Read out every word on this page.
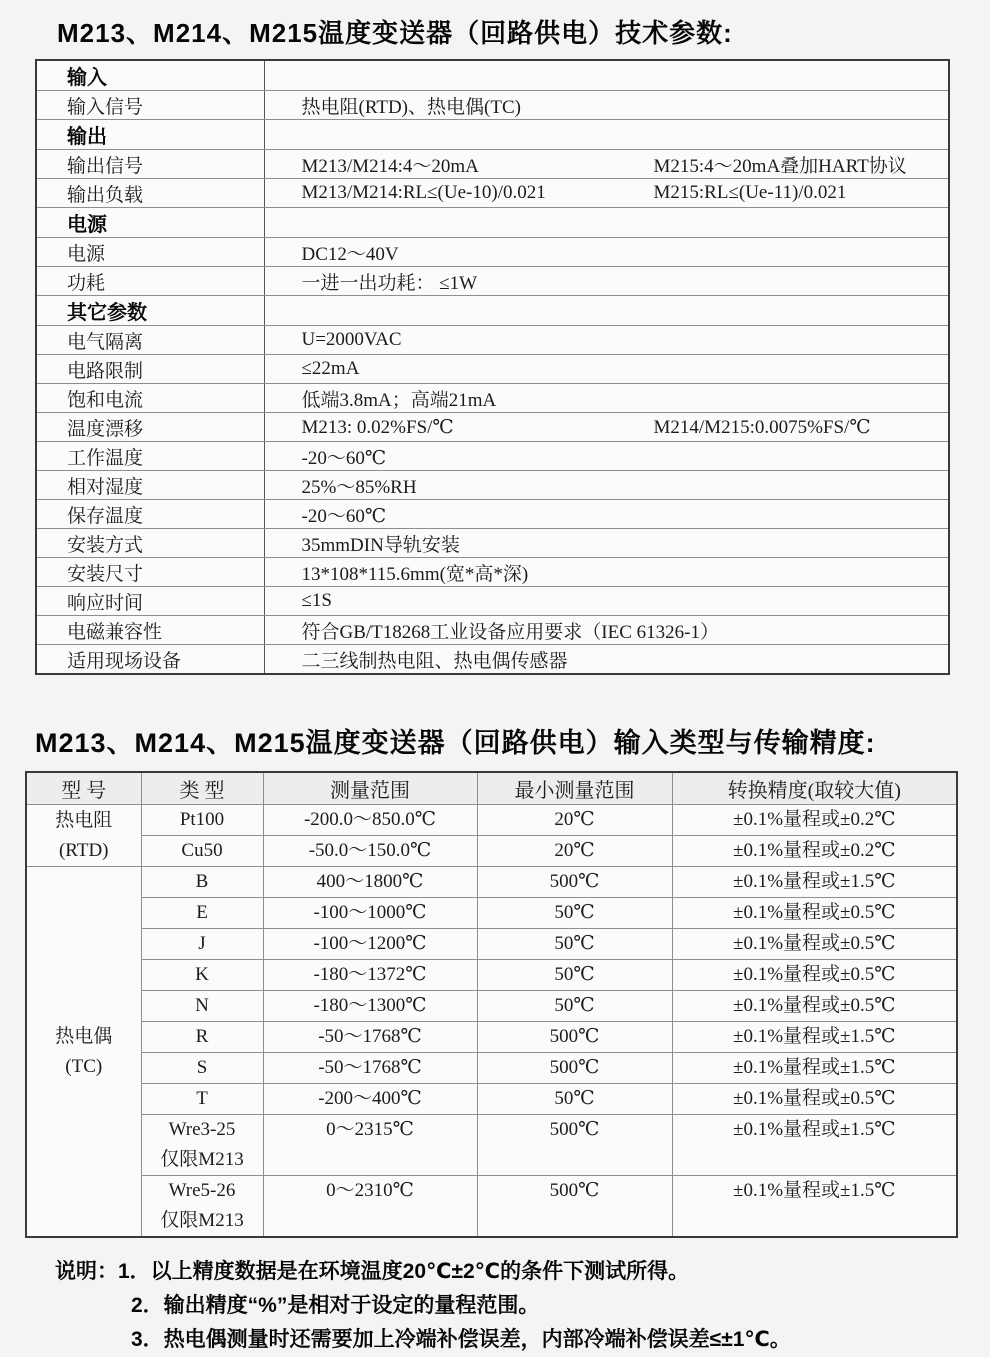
M213、M214、M215温度变送器（回路供电）技术参数:
输入	
输入信号	热电阻(RTD)、热电偶(TC)
输出	
输出信号	M213/M214:4～20mA M215:4～20mA叠加HART协议
输出负载	M213/M214:RL≤(Ue-10)/0.021 M215:RL≤(Ue-11)/0.021
电源	
电源	DC12～40V
功耗	一进一出功耗： ≤1W
其它参数	
电气隔离	U=2000VAC
电路限制	≤22mA
饱和电流	低端3.8mA；高端21mA
温度漂移	M213: 0.02%FS/℃ M214/M215:0.0075%FS/℃
工作温度	-20～60℃
相对湿度	25%～85%RH
保存温度	-20～60℃
安装方式	35mmDIN导轨安装
安装尺寸	13*108*115.6mm(宽*高*深)
响应时间	≤1S
电磁兼容性	符合GB/T18268工业设备应用要求（IEC 61326-1）
适用现场设备	二三线制热电阻、热电偶传感器
M213、M214、M215温度变送器（回路供电）输入类型与传输精度:
型 号	类 型	测量范围	最小测量范围	转换精度(取较大值)

热电阻
(RTD)	Pt100	-200.0～850.0℃	20℃	±0.1%量程或±0.2℃
	Cu50	-50.0～150.0℃	20℃	±0.1%量程或±0.2℃

热电偶
(TC)	B	400～1800℃	500℃	±0.1%量程或±1.5℃
	E	-100～1000℃	50℃	±0.1%量程或±0.5℃
	J	-100～1200℃	50℃	±0.1%量程或±0.5℃
	K	-180～1372℃	50℃	±0.1%量程或±0.5℃
	N	-180～1300℃	50℃	±0.1%量程或±0.5℃
	R	-50～1768℃	500℃	±0.1%量程或±1.5℃
	S	-50～1768℃	500℃	±0.1%量程或±1.5℃
	T	-200～400℃	50℃	±0.1%量程或±0.5℃

	Wre3-25
仅限M213	0～2315℃	500℃	±0.1%量程或±1.5℃

	Wre5-26
仅限M213	0～2310℃	500℃	±0.1%量程或±1.5℃
说明：1．以上精度数据是在环境温度20℃±2℃的条件下测试所得。
2．输出精度“%”是相对于设定的量程范围。
3．热电偶测量时还需要加上冷端补偿误差，内部冷端补偿误差≤±1℃。
